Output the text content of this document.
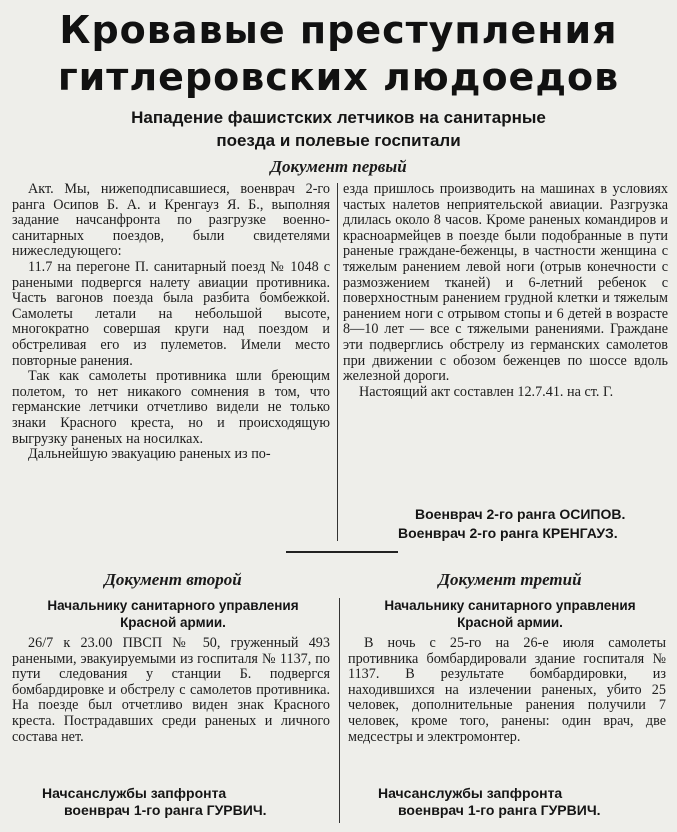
Кровавые преступления
гитлеровских людоедов
Нападение фашистских летчиков на санитарные
поезда и полевые госпитали
Документ первый

Акт. Мы, нижеподписавшиеся, военврач 2-го ранга Осипов Б. А. и Кренгауз Я. Б., выполняя задание начсанфронта по разгрузке военно-санитарных поездов, были свидетелями нижеследующего:

11.7 на перегоне П. санитарный поезд № 1048 с ранеными подвергся налету авиации противника. Часть вагонов поезда была разбита бомбежкой. Самолеты летали на небольшой высоте, многократно совершая круги над поездом и обстреливая его из пулеметов. Имели место повторные ранения.

Так как самолеты противника шли бреющим полетом, то нет никакого сомнения в том, что германские летчики отчетливо видели не только знаки Красного креста, но и происходящую выгрузку раненых на носилках.

Дальнейшую эвакуацию раненых из по-

езда пришлось производить на машинах в условиях частых налетов неприятельской авиации. Разгрузка длилась около 8 часов. Кроме раненых командиров и красноармейцев в поезде были подобранные в пути раненые граждане-беженцы, в частности женщина с тяжелым ранением левой ноги (отрыв конечности с размозжением тканей) и 6-летний ребенок с поверхностным ранением грудной клетки и тяжелым ранением ноги с отрывом стопы и 6 детей в возрасте 8—10 лет — все с тяжелыми ранениями. Граждане эти подверглись обстрелу из германских самолетов при движении с обозом беженцев по шоссе вдоль железной дороги.

Настоящий акт составлен 12.7.41. на ст. Г.

Военврач 2-го ранга ОСИПОВ.
Военврач 2-го ранга КРЕНГАУЗ.
Документ второй	Документ третий
Начальнику санитарного управления
Красной армии.
Начальнику санитарного управления
Красной армии.

26/7 к 23.00 ПВСП № 50, груженный 493 ранеными, эвакуируемыми из госпиталя № 1137, по пути следования у станции Б. подвергся бомбардировке и обстрелу с самолетов противника. На поезде был отчетливо виден знак Красного креста. Пострадавших среди раненых и личного состава нет.

В ночь с 25-го на 26-е июля самолеты противника бомбардировали здание госпиталя № 1137. В результате бомбардировки, из находившихся на излечении раненых, убито 25 человек, дополнительные ранения получили 7 человек, кроме того, ранены: один врач, две медсестры и электромонтер.

Начсанслужбы запфронта
военврач 1-го ранга ГУРВИЧ.
Начсанслужбы запфронта
военврач 1-го ранга ГУРВИЧ.
